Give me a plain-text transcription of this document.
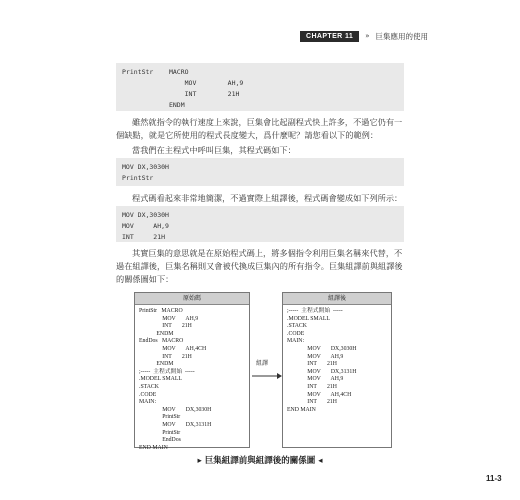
CHAPTER 11	» 巨集應用的使用
PrintStr    MACRO
MOV        AH,9
INT        21H
ENDM
雖然就指令的執行速度上來說，巨集會比起副程式快上許多，不過它仍有一個缺點，就是它所使用的程式長度變大，爲什麼呢？請您看以下的範例：
當我們在主程式中呼叫巨集，其程式碼如下：
MOV DX,3030H
PrintStr
程式碼看起來非常地簡潔，不過實際上組譯後，程式碼會變成如下列所示：
MOV DX,3030H
MOV     AH,9
INT     21H
其實巨集的意思就是在原始程式碼上，將多個指令利用巨集名稱來代替，不過在組譯後，巨集名稱則又會被代換成巨集內的所有指令。巨集組譯前與組譯後的關係圖如下：
原始碼
PrintStr   MACRO
MOV       AH,9
INT       21H
ENDM
EndDos   MACRO
MOV       AH,4CH
INT       21H
ENDM
;-----  主程式開始  -----
.MODEL SMALL
.STACK
.CODE
MAIN:
MOV       DX,3030H
PrintStr
MOV       DX,3131H
PrintStr
EndDos
END MAIN
組譯
組譯後
;-----  主程式開始  -----
.MODEL SMALL
.STACK
.CODE
MAIN:
MOV       DX,3030H
MOV       AH,9
INT       21H
MOV       DX,3131H
MOV       AH,9
INT       21H
MOV       AH,4CH
INT       21H
END MAIN
▸ 巨集組譯前與組譯後的關係圖 ◂
11-3
